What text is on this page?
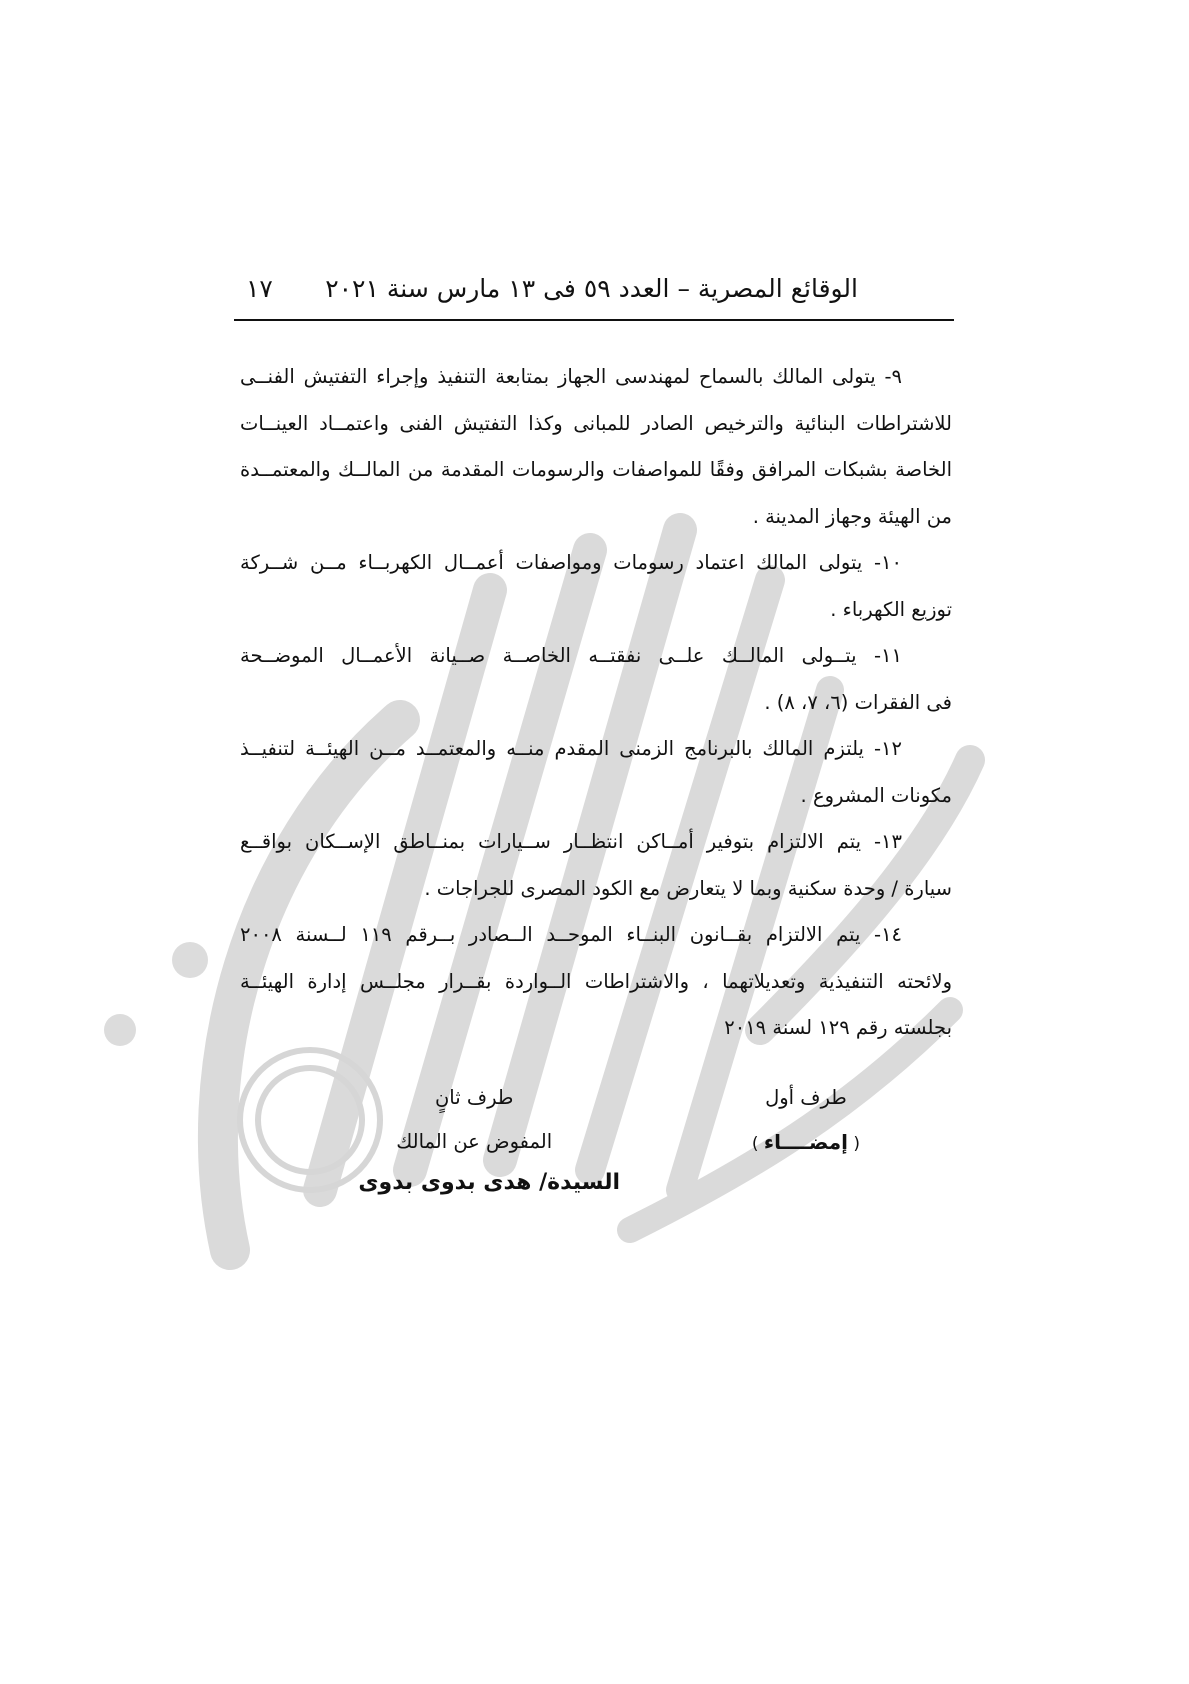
الوقائع المصرية – العدد ٥٩ فى ١٣ مارس سنة ٢٠٢١
١٧

٩- يتولى المالك بالسماح لمهندسى الجهاز بمتابعة التنفيذ وإجراء التفتيش الفنــى
للاشتراطات البنائية والترخيص الصادر للمبانى وكذا التفتيش الفنى واعتمــاد العينــات
الخاصة بشبكات المرافق وفقًا للمواصفات والرسومات المقدمة من المالــك والمعتمــدة
من الهيئة وجهاز المدينة .

١٠- يتولى المالك اعتماد رسومات ومواصفات أعمــال الكهربــاء مــن شــركة
توزيع الكهرباء .

١١- يتــولى المالــك علــى نفقتــه الخاصــة صــيانة الأعمــال الموضــحة
فى الفقرات (٦، ٧، ٨) .

١٢- يلتزم المالك بالبرنامج الزمنى المقدم منــه والمعتمــد مــن الهيئــة لتنفيــذ
مكونات المشروع .

١٣- يتم الالتزام بتوفير أمــاكن انتظــار ســيارات بمنــاطق الإســكان بواقــع
سيارة / وحدة سكنية وبما لا يتعارض مع الكود المصرى للجراجات .

١٤- يتم الالتزام بقــانون البنــاء الموحــد الــصادر بــرقم ١١٩ لــسنة ٢٠٠٨
ولائحته التنفيذية وتعديلاتهما ، والاشتراطات الــواردة بقــرار مجلــس إدارة الهيئــة
بجلسته رقم ١٢٩ لسنة ٢٠١٩

طرف أول
( إمضــــاء )
طرف ثانٍ
المفوض عن المالك
السيدة/ هدى بدوى بدوى
